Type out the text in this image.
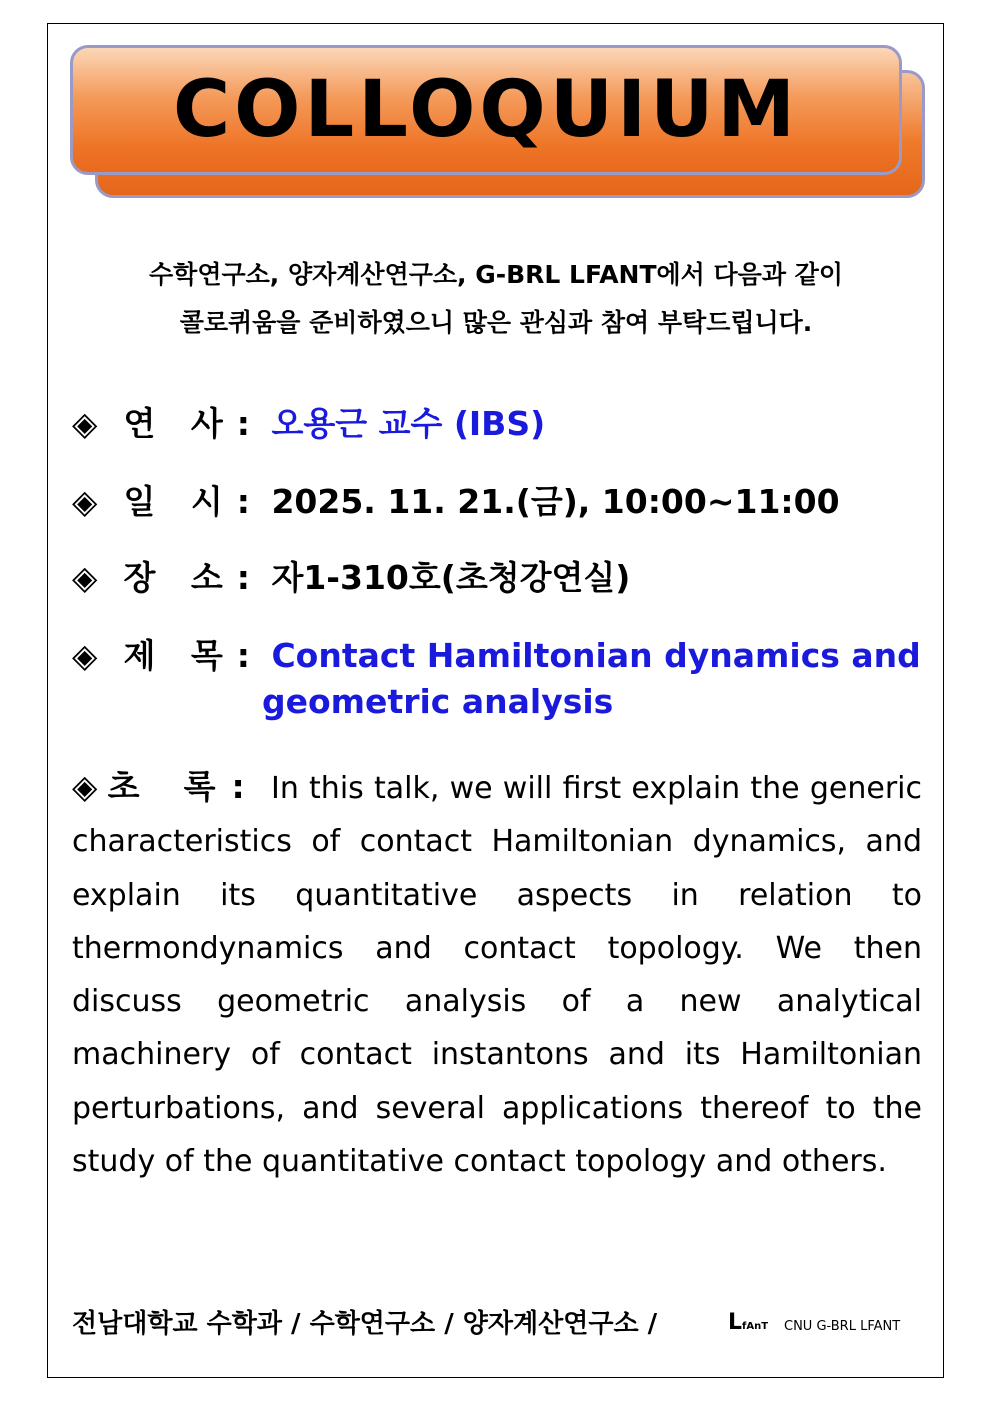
COLLOQUIUM
수학연구소, 양자계산연구소, G-BRL LFANT에서 다음과 같이
콜로퀴움을 준비하였으니 많은 관심과 참여 부탁드립니다.
◈ 연 사: 오용근 교수 (IBS)
◈ 일 시: 2025. 11. 21.(금), 10:00~11:00
◈ 장 소: 자1-310호(초청강연실)
◈ 제 목: Contact Hamiltonian dynamics and
geometric analysis
◈ 초 록: In this talk, we will first explain the generic characteristics of contact Hamiltonian dynamics, and explain its quantitative aspects in relation to thermondynamics and contact topology. We then discuss geometric analysis of a new analytical machinery of contact instantons and its Hamiltonian perturbations, and several applications thereof to the study of the quantitative contact topology and others.
전남대학교 수학과 / 수학연구소 / 양자계산연구소 /	LfAnT CNU G-BRL LFANT
